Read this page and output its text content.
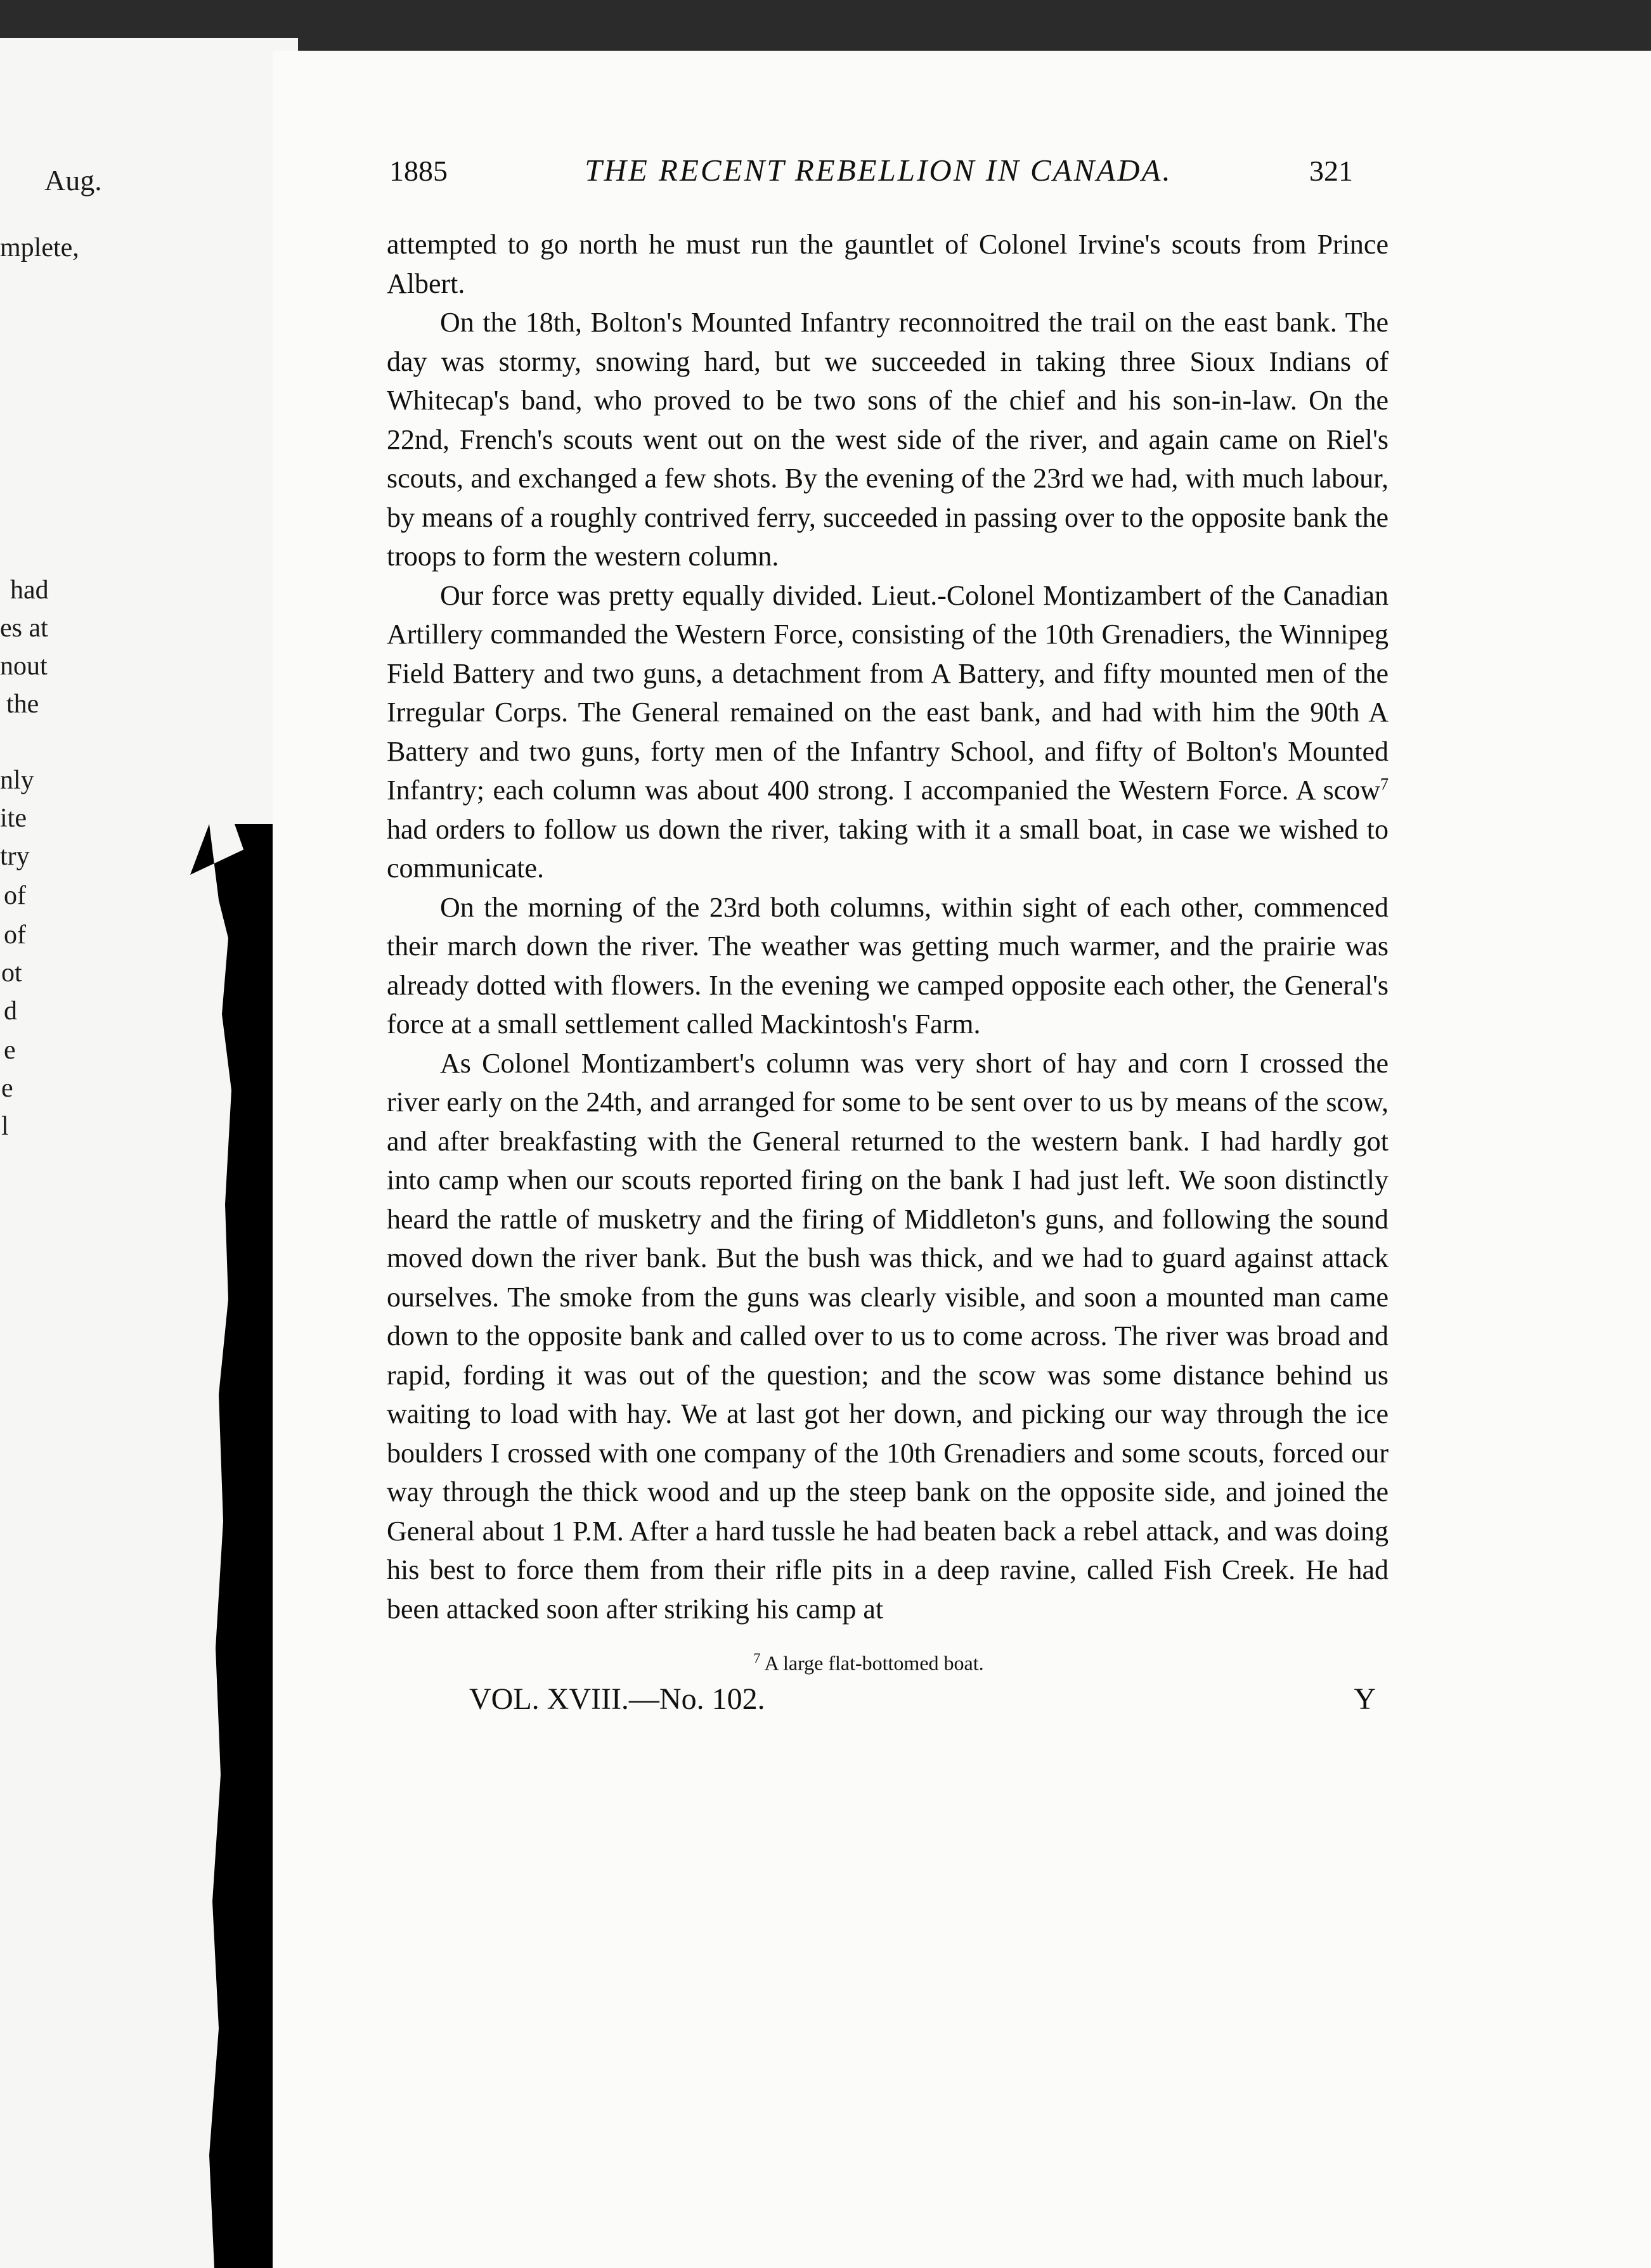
Aug.
mplete,
had
es at
nout
the
nly
ite
try
of
of
ot
d
e
e
l
1885	THE RECENT REBELLION IN CANADA.	321

attempted to go north he must run the gauntlet of Colonel Irvine's scouts from Prince Albert.

On the 18th, Bolton's Mounted Infantry reconnoitred the trail on the east bank. The day was stormy, snowing hard, but we succeeded in taking three Sioux Indians of Whitecap's band, who proved to be two sons of the chief and his son-in-law. On the 22nd, French's scouts went out on the west side of the river, and again came on Riel's scouts, and exchanged a few shots. By the evening of the 23rd we had, with much labour, by means of a roughly contrived ferry, succeeded in passing over to the opposite bank the troops to form the western column.

Our force was pretty equally divided. Lieut.-Colonel Montizambert of the Canadian Artillery commanded the Western Force, consisting of the 10th Grenadiers, the Winnipeg Field Battery and two guns, a detachment from A Battery, and fifty mounted men of the Irregular Corps. The General remained on the east bank, and had with him the 90th A Battery and two guns, forty men of the Infantry School, and fifty of Bolton's Mounted Infantry; each column was about 400 strong. I accompanied the Western Force. A scow$^7$ had orders to follow us down the river, taking with it a small boat, in case we wished to communicate.

On the morning of the 23rd both columns, within sight of each other, commenced their march down the river. The weather was getting much warmer, and the prairie was already dotted with flowers. In the evening we camped opposite each other, the General's force at a small settlement called Mackintosh's Farm.

As Colonel Montizambert's column was very short of hay and corn I crossed the river early on the 24th, and arranged for some to be sent over to us by means of the scow, and after breakfasting with the General returned to the western bank. I had hardly got into camp when our scouts reported firing on the bank I had just left. We soon distinctly heard the rattle of musketry and the firing of Middleton's guns, and following the sound moved down the river bank. But the bush was thick, and we had to guard against attack ourselves. The smoke from the guns was clearly visible, and soon a mounted man came down to the opposite bank and called over to us to come across. The river was broad and rapid, fording it was out of the question; and the scow was some distance behind us waiting to load with hay. We at last got her down, and picking our way through the ice boulders I crossed with one company of the 10th Grenadiers and some scouts, forced our way through the thick wood and up the steep bank on the opposite side, and joined the General about 1 P.M. After a hard tussle he had beaten back a rebel attack, and was doing his best to force them from their rifle pits in a deep ravine, called Fish Creek. He had been attacked soon after striking his camp at

$^7$ A large flat-bottomed boat.
VOL. XVIII.—No. 102.	Y
